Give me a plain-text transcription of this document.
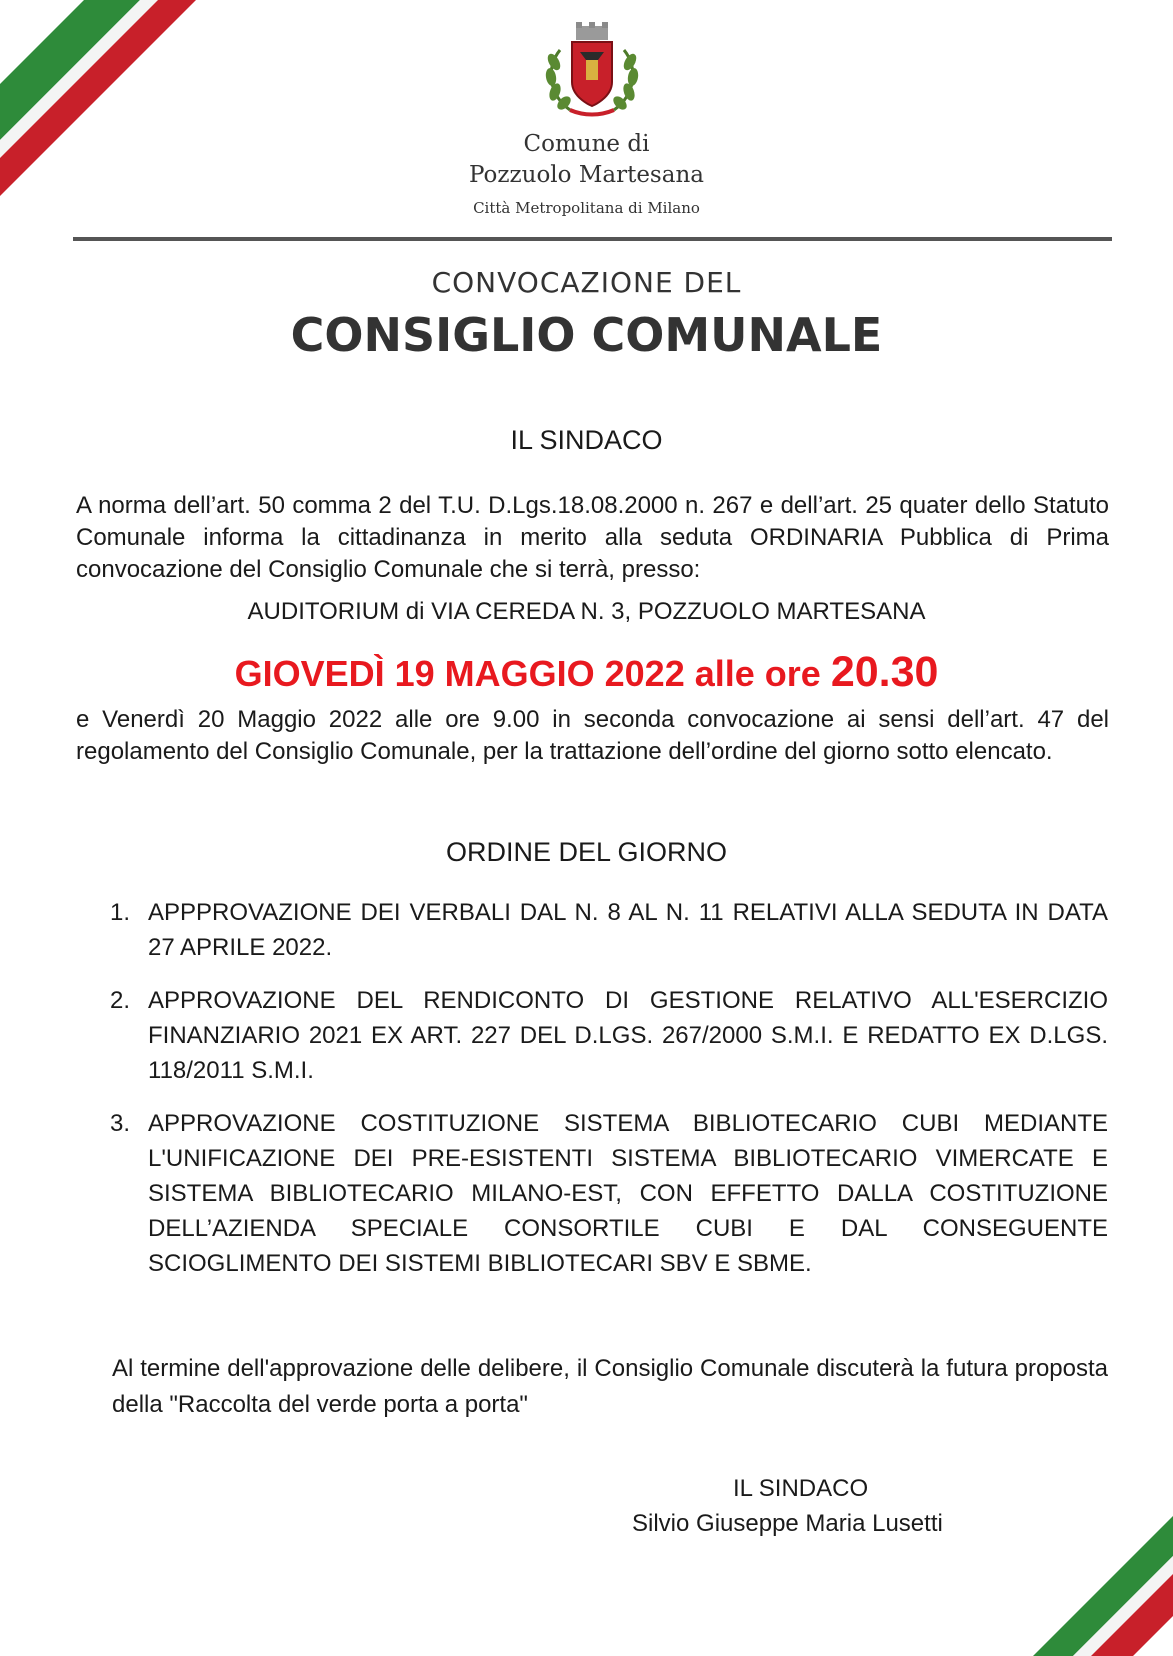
Comune di
Pozzuolo Martesana
Città Metropolitana di Milano
CONVOCAZIONE DEL
CONSIGLIO COMUNALE
IL SINDACO

A norma dell’art. 50 comma 2 del T.U. D.Lgs.18.08.2000 n. 267 e dell’art. 25 quater dello Statuto Comunale informa la cittadinanza in merito alla seduta ORDINARIA Pubblica di Prima convocazione del Consiglio Comunale che si terrà, presso:

AUDITORIUM di VIA CEREDA N. 3, POZZUOLO MARTESANA
GIOVEDÌ 19 MAGGIO 2022 alle ore 20.30

e Venerdì 20 Maggio 2022 alle ore 9.00 in seconda convocazione ai sensi dell’art. 47 del regolamento del Consiglio Comunale, per la trattazione dell’ordine del giorno sotto elencato.

ORDINE DEL GIORNO
1. APPPROVAZIONE DEI VERBALI DAL N. 8 AL N. 11 RELATIVI ALLA SEDUTA IN DATA 27 APRILE 2022.
2. APPROVAZIONE DEL RENDICONTO DI GESTIONE RELATIVO ALL'ESERCIZIO FINANZIARIO 2021 EX ART. 227 DEL D.LGS. 267/2000 S.M.I. E REDATTO EX D.LGS. 118/2011 S.M.I.
3. APPROVAZIONE COSTITUZIONE SISTEMA BIBLIOTECARIO CUBI MEDIANTE L'UNIFICAZIONE DEI PRE-ESISTENTI SISTEMA BIBLIOTECARIO VIMERCATE E SISTEMA BIBLIOTECARIO MILANO-EST, CON EFFETTO DALLA COSTITUZIONE DELL’AZIENDA SPECIALE CONSORTILE CUBI E DAL CONSEGUENTE SCIOGLIMENTO DEI SISTEMI BIBLIOTECARI SBV E SBME.

Al termine dell'approvazione delle delibere, il Consiglio Comunale discuterà la futura proposta della "Raccolta del verde porta a porta"

IL SINDACO
Silvio Giuseppe Maria Lusetti
